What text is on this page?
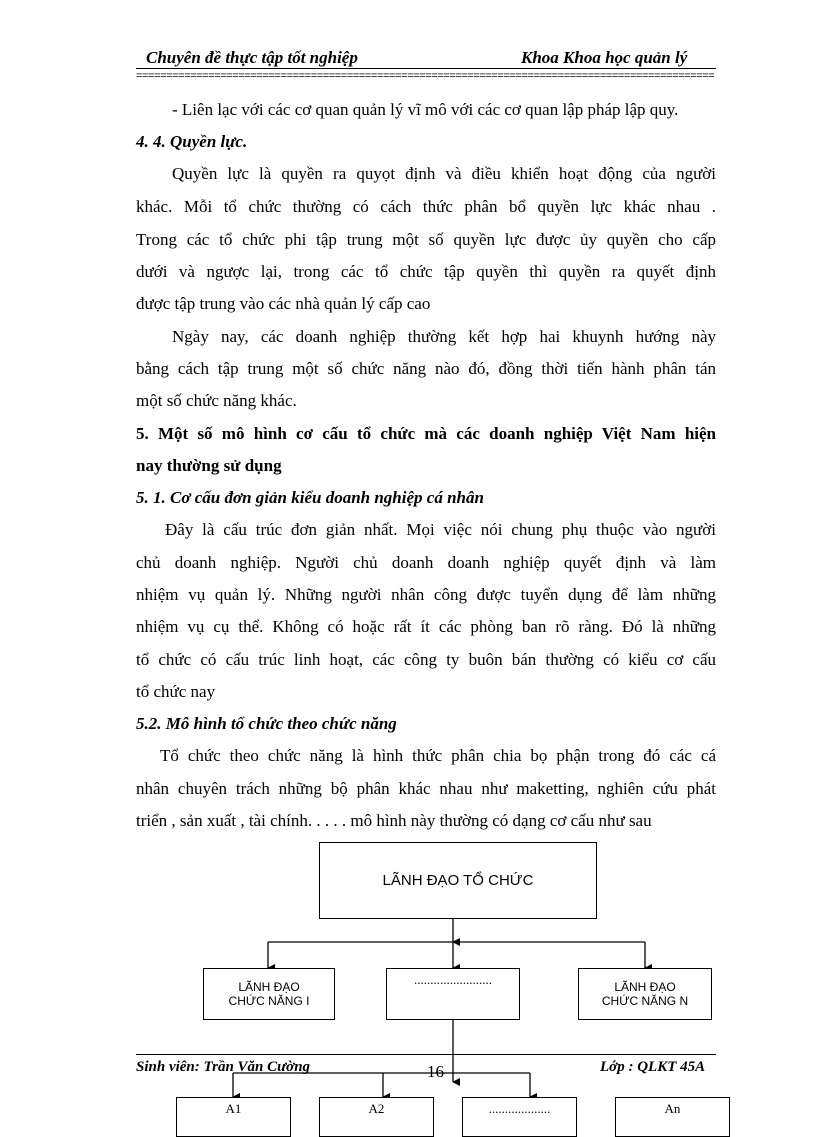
Chuyên đề thực tập tốt nghiệp	Khoa Khoa học quản lý
================================================================================================
- Liên lạc với các cơ quan quản lý vĩ mô với các cơ quan lập pháp lập quy.
4. 4. Quyền lực.
Quyền lực là quyền ra quyọt định và điều khiển hoạt động của người
khác. Mỗi tổ chức thường có cách thức phân bổ quyền lực khác nhau .
Trong các tổ chức phi tập trung một số quyền lực được ủy quyền cho cấp
dưới và ngược lại, trong các tổ chức tập quyền thì quyền ra quyết định
được tập trung vào các nhà quản lý cấp cao
Ngày nay, các doanh nghiệp thường kết hợp hai khuynh hướng này
bằng cách tập trung một số chức năng nào đó, đồng thời tiến hành phân tán
một số chức năng khác.
5. Một số mô hình cơ cấu tổ chức mà các doanh nghiệp Việt Nam hiện
nay thường sử dụng
5. 1. Cơ cấu đơn giản kiểu doanh nghiệp cá nhân
Đây là cấu trúc đơn giản nhất. Mọi việc nói chung phụ thuộc vào người
chủ doanh nghiệp. Người chủ doanh doanh nghiệp quyết định và làm
nhiệm vụ quản lý. Những người nhân công được tuyển dụng để làm những
nhiệm vụ cụ thể. Không có hoặc rất ít các phòng ban rõ ràng. Đó là những
tổ chức có cấu trúc linh hoạt, các công ty buôn bán thường có kiểu cơ cấu
tổ chức nay
5.2. Mô hình tổ chức theo chức năng
Tổ chức theo chức năng là hình thức phân chia bọ phận trong đó các cá
nhân chuyên trách những bộ phân khác nhau như maketting, nghiên cứu phát
triển , sản xuất , tài chính. . . . . mô hình này thường có dạng cơ cấu như sau
LÃNH ĐẠO TỔ CHỨC
LÃNH ĐẠO
CHỨC NĂNG I
........................	LÃNH ĐẠO
CHỨC NĂNG N
Sinh viên: Trần Văn Cường	16	Lớp : QLKT 45A
A1	A2	...................	An
